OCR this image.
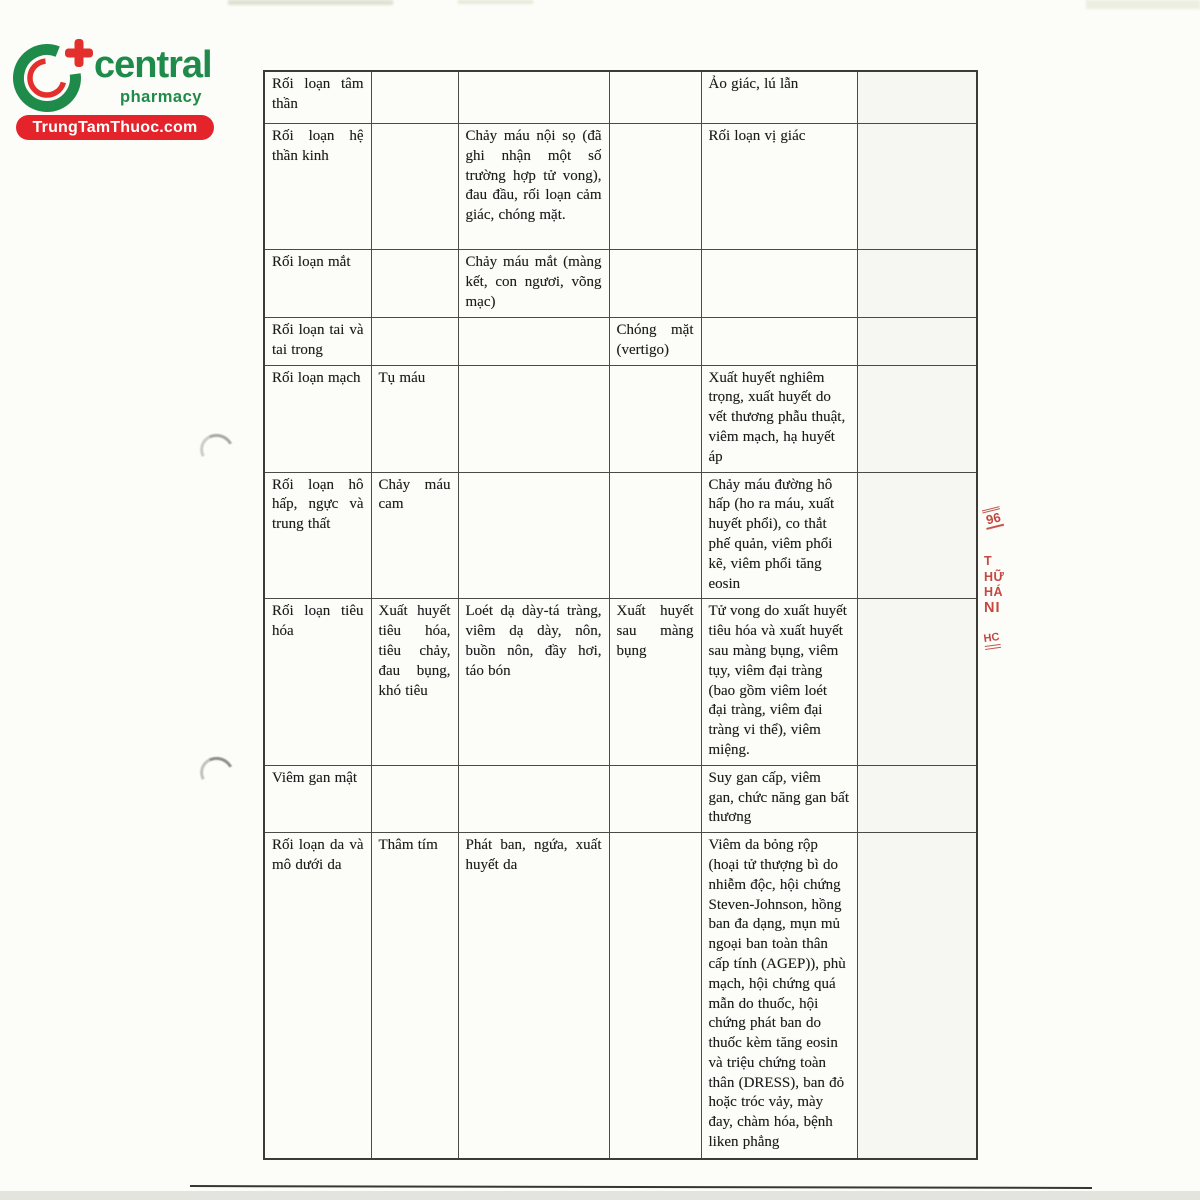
central
pharmacy
TrungTamThuoc.com
Rối loạn tâm thần				Ảo giác, lú lẫn	
Rối loạn hệ thần kinh		Chảy máu nội sọ (đã ghi nhận một số trường hợp tử vong), đau đầu, rối loạn cảm giác, chóng mặt.		Rối loạn vị giác	
Rối loạn mắt		Chảy máu mắt (màng kết, con ngươi, võng mạc)			
Rối loạn tai và tai trong			Chóng mặt (vertigo)		
Rối loạn mạch	Tụ máu			Xuất huyết nghiêm trọng, xuất huyết do vết thương phẫu thuật, viêm mạch, hạ huyết áp	
Rối loạn hô hấp, ngực và trung thất	Chảy máu cam			Chảy máu đường hô hấp (ho ra máu, xuất huyết phổi), co thắt phế quản, viêm phổi kẽ, viêm phổi tăng eosin	
Rối loạn tiêu hóa	Xuất huyết tiêu hóa, tiêu chảy, đau bụng, khó tiêu	Loét dạ dày-tá tràng, viêm dạ dày, nôn, buồn nôn, đầy hơi, táo bón	Xuất huyết sau màng bụng	Tử vong do xuất huyết tiêu hóa và xuất huyết sau màng bụng, viêm tụy, viêm đại tràng (bao gồm viêm loét đại tràng, viêm đại tràng vi thể), viêm miệng.	
Viêm gan mật				Suy gan cấp, viêm gan, chức năng gan bất thương	
Rối loạn da và mô dưới da	Thâm tím	Phát ban, ngứa, xuất huyết da		Viêm da bỏng rộp (hoại tử thượng bì do nhiễm độc, hội chứng Steven-Johnson, hồng ban đa dạng, mụn mủ ngoại ban toàn thân cấp tính (AGEP)), phù mạch, hội chứng quá mẫn do thuốc, hội chứng phát ban do thuốc kèm tăng eosin và triệu chứng toàn thân (DRESS), ban đỏ hoặc tróc vảy, mày đay, chàm hóa, bệnh liken phẳng	
96
T
HỮ
HÁ
NI
HC
